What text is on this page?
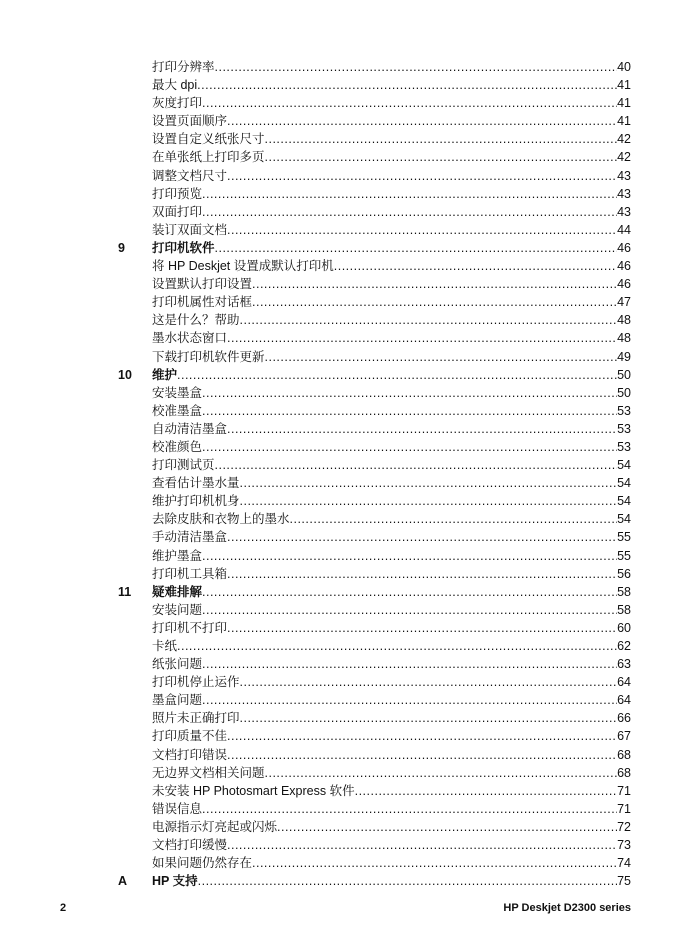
打印分辨率 .....	40
最大 dpi .....	41
灰度打印 .....	41
设置页面顺序 .....	41
设置自定义纸张尺寸 .....	42
在单张纸上打印多页 .....	42
调整文档尺寸 .....	43
打印预览 .....	43
双面打印 .....	43
装订双面文档 .....	44
9	打印机软件 .....	46
将 HP Deskjet 设置成默认打印机 .....	46
设置默认打印设置 .....	46
打印机属性对话框 .....	47
这是什么？帮助 .....	48
墨水状态窗口 .....	48
下载打印机软件更新 .....	49
10	维护 .....	50
安装墨盒 .....	50
校准墨盒 .....	53
自动清洁墨盒 .....	53
校准颜色 .....	53
打印测试页 .....	54
查看估计墨水量 .....	54
维护打印机机身 .....	54
去除皮肤和衣物上的墨水 .....	54
手动清洁墨盒 .....	55
维护墨盒 .....	55
打印机工具箱 .....	56
11	疑难排解 .....	58
安装问题 .....	58
打印机不打印 .....	60
卡纸 .....	62
纸张问题 .....	63
打印机停止运作 .....	64
墨盒问题 .....	64
照片未正确打印 .....	66
打印质量不佳 .....	67
文档打印错误 .....	68
无边界文档相关问题 .....	68
未安装 HP Photosmart Express 软件 .....	71
错误信息 .....	71
电源指示灯亮起或闪烁 .....	72
文档打印缓慢 .....	73
如果问题仍然存在 .....	74
A	HP 支持 .....	75
2	HP Deskjet D2300 series
